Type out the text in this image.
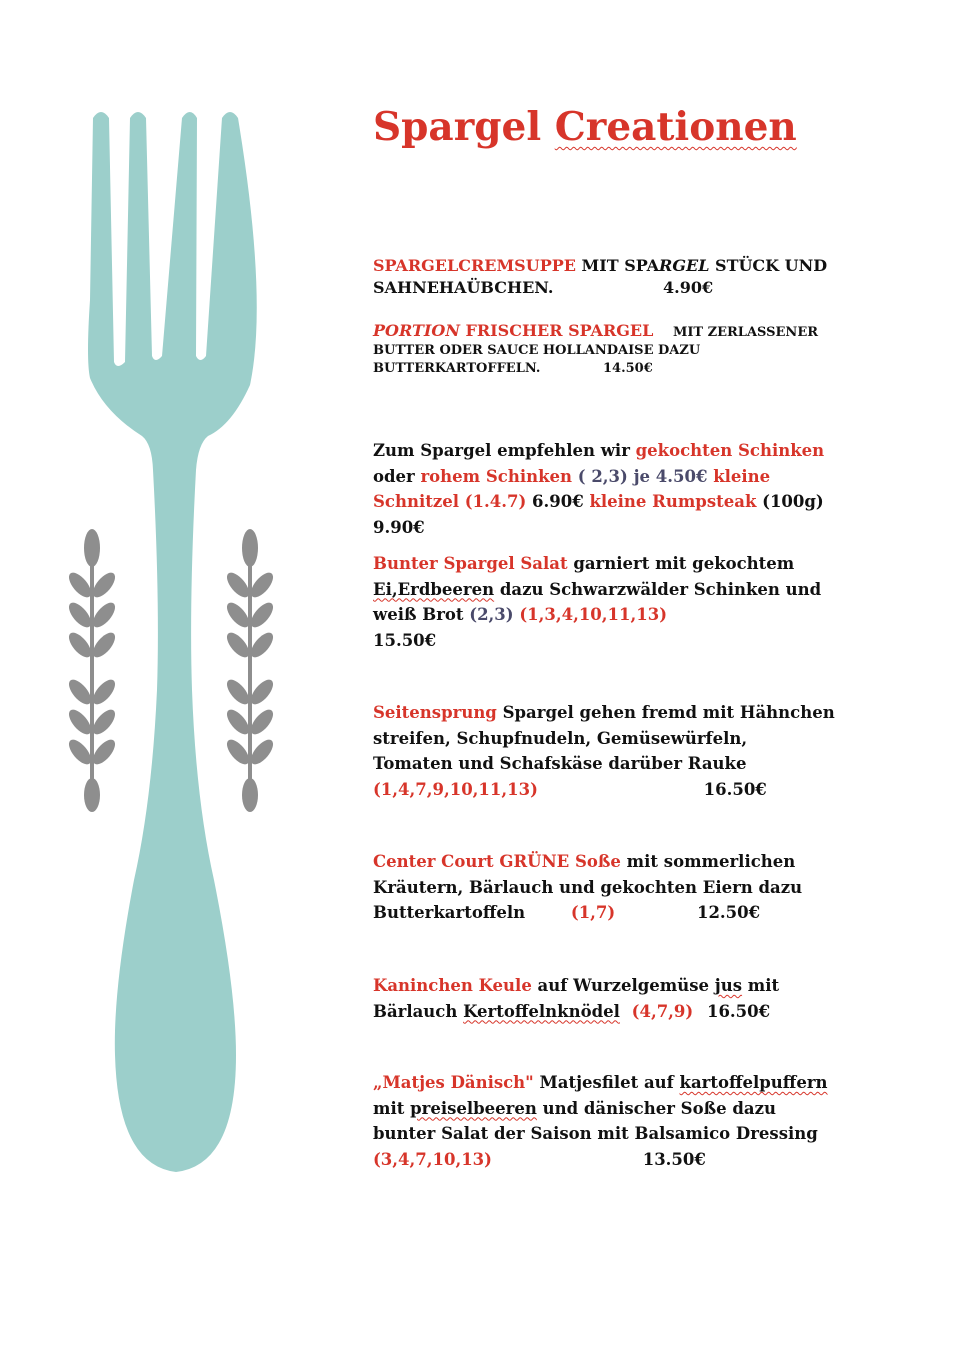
Spargel Creationen
SPARGELCREMSUPPE MIT SPARGEL STÜCK UND
SAHNEHAÜBCHEN.	4.90€
PORTION FRISCHER SPARGEL MIT ZERLASSENER
BUTTER ODER SAUCE HOLLANDAISE DAZU
BUTTERKARTOFFELN.	14.50€
Zum Spargel empfehlen wir gekochten Schinken
oder rohem Schinken ( 2,3) je 4.50€ kleine
Schnitzel (1.4.7) 6.90€ kleine Rumpsteak (100g)
9.90€
Bunter Spargel Salat garniert mit gekochtem
Ei,Erdbeeren dazu Schwarzwälder Schinken und
weiß Brot (2,3) (1,3,4,10,11,13)
15.50€
Seitensprung Spargel gehen fremd mit Hähnchen
streifen, Schupfnudeln, Gemüsewürfeln,
Tomaten und Schafskäse darüber Rauke
(1,4,7,9,10,11,13)	16.50€
Center Court GRÜNE Soße mit sommerlichen
Kräutern, Bärlauch und gekochten Eiern dazu
Butterkartoffeln	(1,7)	12.50€
Kaninchen Keule auf Wurzelgemüse jus mit
Bärlauch Kertoffelnknödel (4,7,9) 16.50€
„Matjes Dänisch" Matjesfilet auf kartoffelpuffern
mit preiselbeeren und dänischer Soße dazu
bunter Salat der Saison mit Balsamico Dressing
(3,4,7,10,13)	13.50€
